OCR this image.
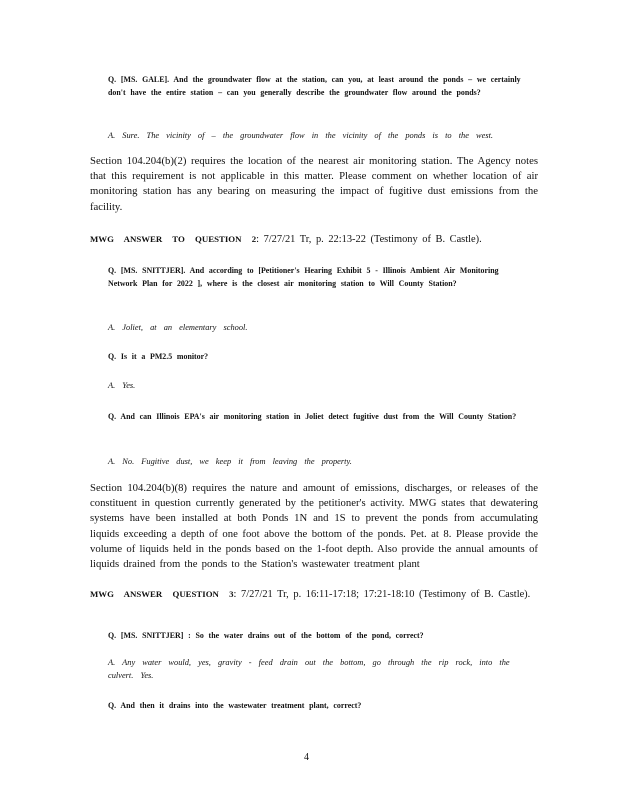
Q. [MS. GALE]. And the groundwater flow at the station, can you, at least around the ponds – we certainly don't have the entire station – can you generally describe the groundwater flow around the ponds?
A. Sure. The vicinity of – the groundwater flow in the vicinity of the ponds is to the west.
Section 104.204(b)(2) requires the location of the nearest air monitoring station. The Agency notes that this requirement is not applicable in this matter. Please comment on whether location of air monitoring station has any bearing on measuring the impact of fugitive dust emissions from the facility.
MWG ANSWER TO QUESTION 2: 7/27/21 Tr, p. 22:13-22 (Testimony of B. Castle).
Q. [MS. SNITTJER]. And according to [Petitioner's Hearing Exhibit 5 - Illinois Ambient Air Monitoring Network Plan for 2022 ], where is the closest air monitoring station to Will County Station?
A. Joliet, at an elementary school.
Q. Is it a PM2.5 monitor?
A. Yes.
Q. And can Illinois EPA's air monitoring station in Joliet detect fugitive dust from the Will County Station?
A. No. Fugitive dust, we keep it from leaving the property.
Section 104.204(b)(8) requires the nature and amount of emissions, discharges, or releases of the constituent in question currently generated by the petitioner's activity. MWG states that dewatering systems have been installed at both Ponds 1N and 1S to prevent the ponds from accumulating liquids exceeding a depth of one foot above the bottom of the ponds. Pet. at 8. Please provide the volume of liquids held in the ponds based on the 1-foot depth. Also provide the annual amounts of liquids drained from the ponds to the Station's wastewater treatment plant
MWG ANSWER QUESTION 3: 7/27/21 Tr, p. 16:11-17:18; 17:21-18:10 (Testimony of B. Castle).
Q. [MS. SNITTJER] : So the water drains out of the bottom of the pond, correct?
A. Any water would, yes, gravity - feed drain out the bottom, go through the rip rock, into the culvert. Yes.
Q. And then it drains into the wastewater treatment plant, correct?
4
